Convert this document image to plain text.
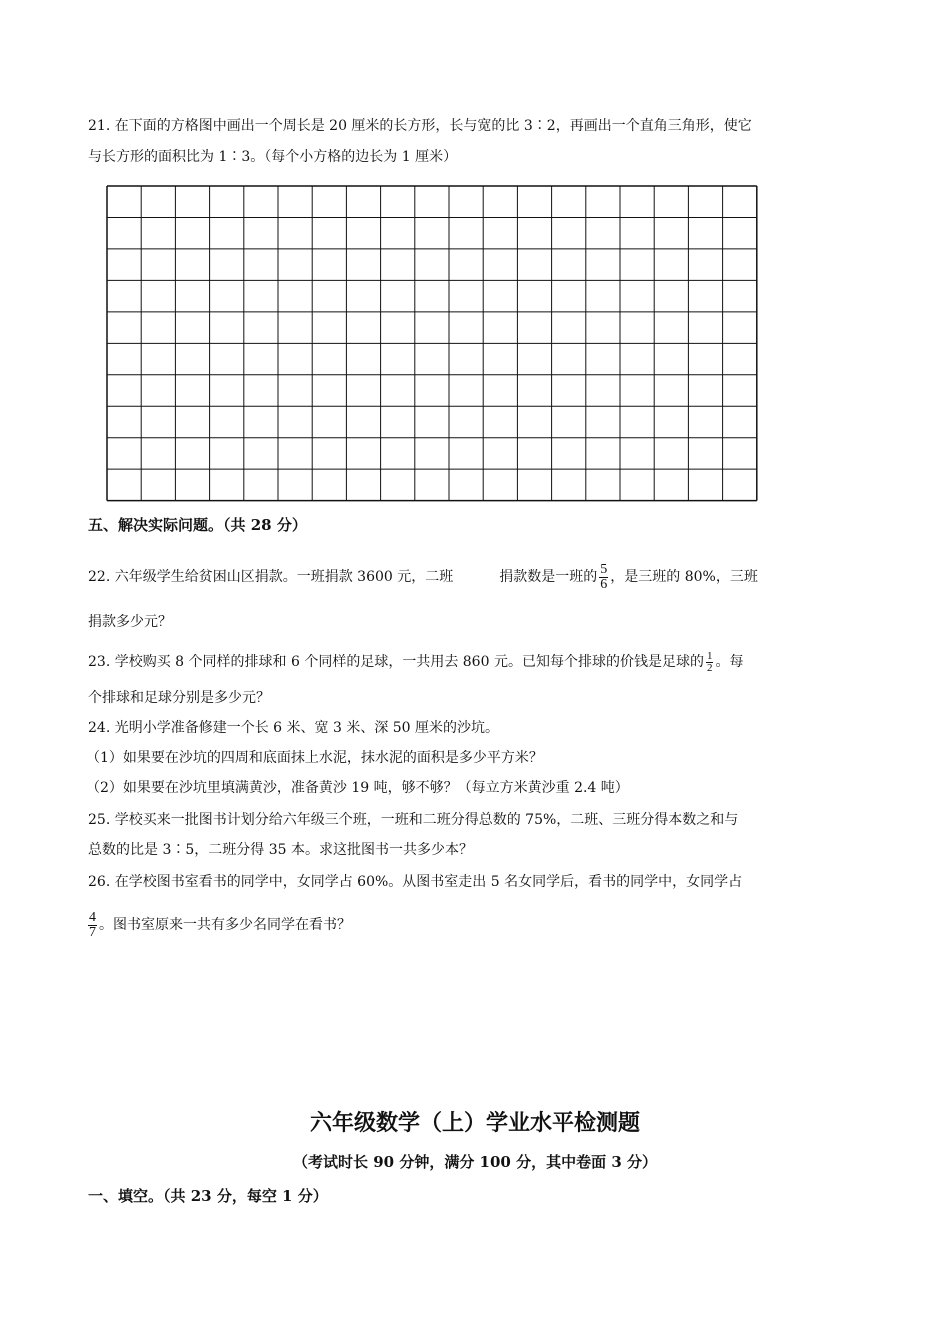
21. 在下面的方格图中画出一个周长是 20 厘米的长方形，长与宽的比 3∶2，再画出一个直角三角形，使它
与长方形的面积比为 1∶3。（每个小方格的边长为 1 厘米）
五、解决实际问题。（共 28 分）
22. 六年级学生给贫困山区捐款。一班捐款 3600 元，二班	捐款数是一班的 $\frac{5}{6}$ ，是三班的 80%，三班
捐款多少元？
23. 学校购买 8 个同样的排球和 6 个同样的足球，一共用去 860 元。已知每个排球的价钱是足球的 $\frac{1}{2}$ 。每
个排球和足球分别是多少元？
24. 光明小学准备修建一个长 6 米、宽 3 米、深 50 厘米的沙坑。
（1）如果要在沙坑的四周和底面抹上水泥，抹水泥的面积是多少平方米？
（2）如果要在沙坑里填满黄沙，准备黄沙 19 吨，够不够？（每立方米黄沙重 2.4 吨）
25. 学校买来一批图书计划分给六年级三个班，一班和二班分得总数的 75%，二班、三班分得本数之和与
总数的比是 3∶5，二班分得 35 本。求这批图书一共多少本？
26. 在学校图书室看书的同学中，女同学占 60%。从图书室走出 5 名女同学后，看书的同学中，女同学占
$\frac{4}{7}$ 。图书室原来一共有多少名同学在看书？
六年级数学（上）学业水平检测题
（考试时长 90 分钟，满分 100 分，其中卷面 3 分）
一、填空。（共 23 分，每空 1 分）
